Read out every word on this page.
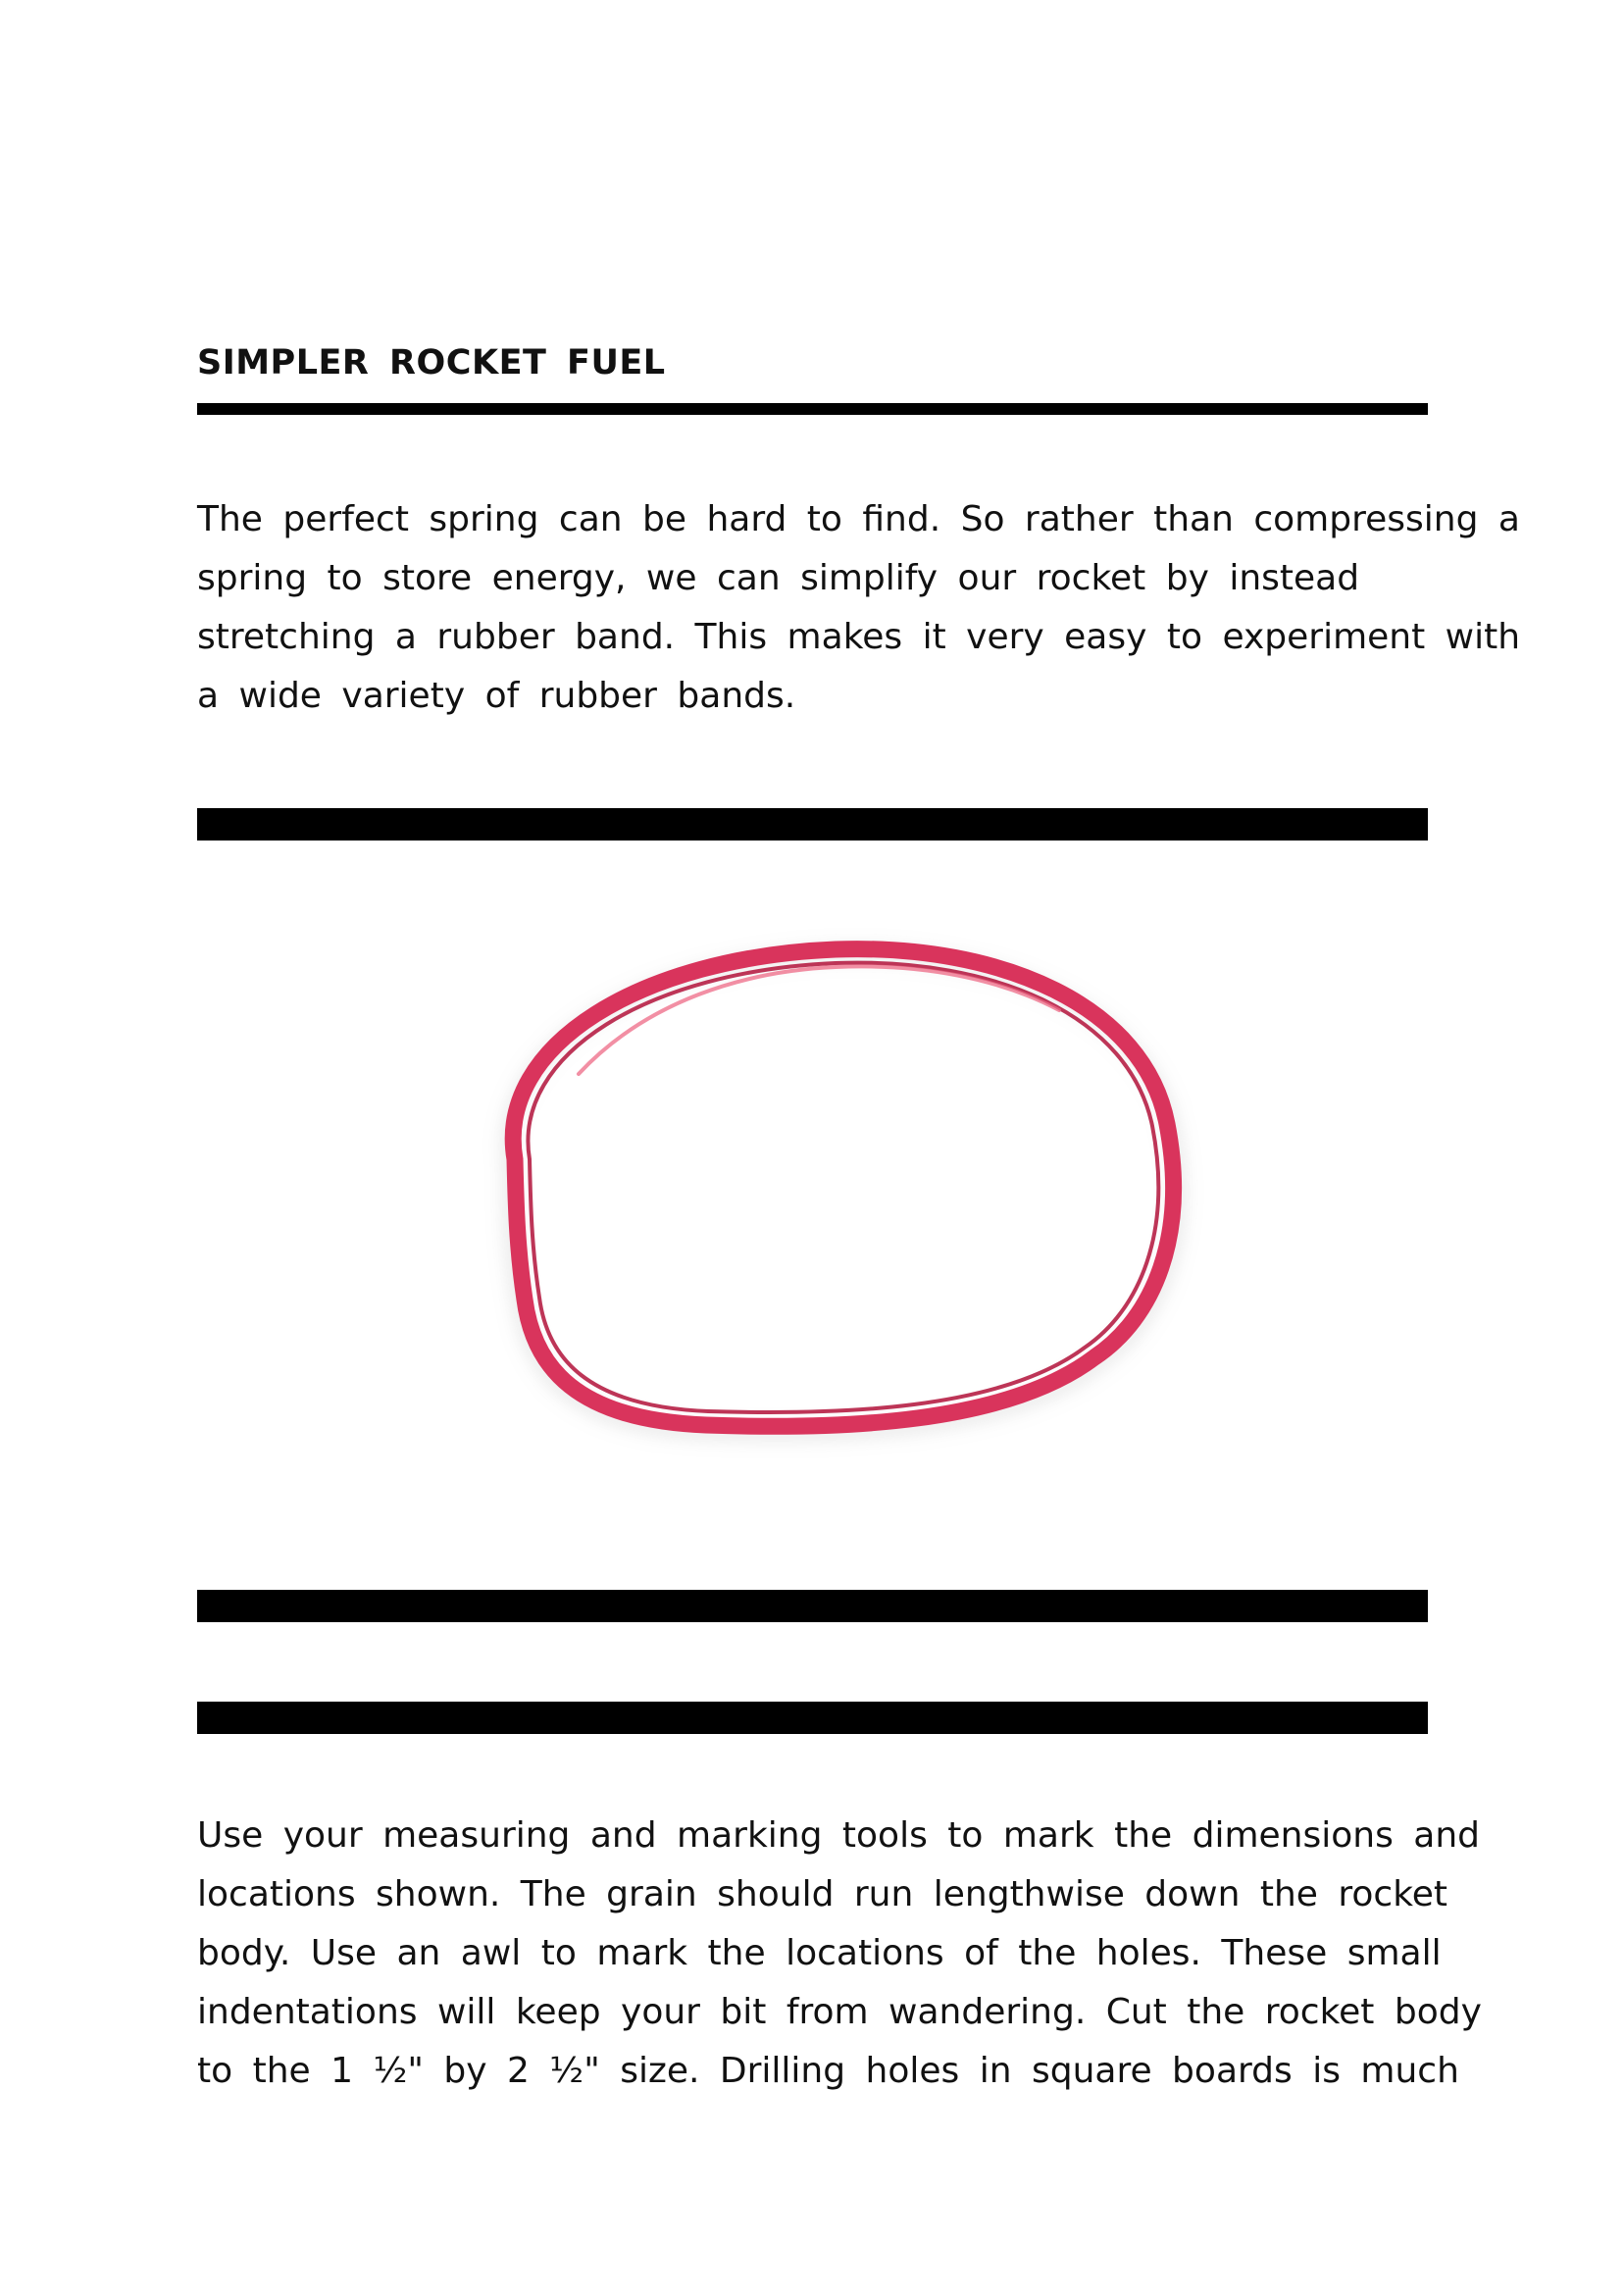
SIMPLER ROCKET FUEL

The perfect spring can be hard to find. So rather than compressing a
spring to store energy, we can simplify our rocket by instead
stretching a rubber band. This makes it very easy to experiment with
a wide variety of rubber bands.

Use your measuring and marking tools to mark the dimensions and
locations shown. The grain should run lengthwise down the rocket
body. Use an awl to mark the locations of the holes. These small
indentations will keep your bit from wandering. Cut the rocket body
to the 1 ½" by 2 ½" size. Drilling holes in square boards is much
